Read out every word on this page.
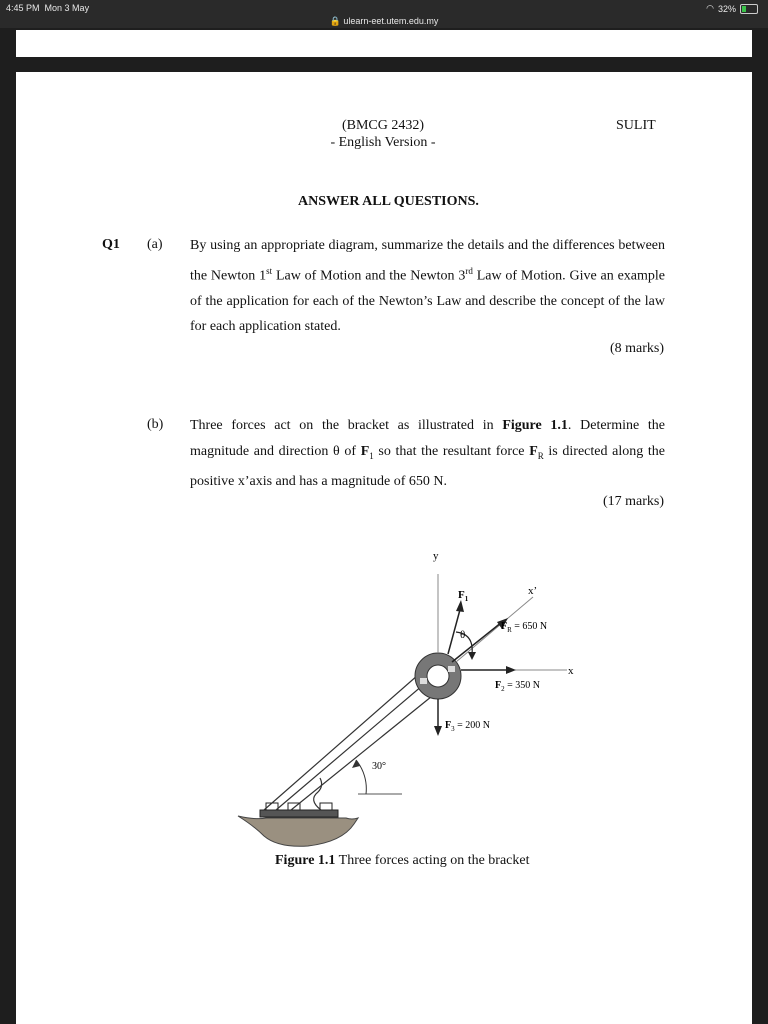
4:45 PM Mon 3 May	◠ 32%
🔒 ulearn-eet.utem.edu.my
(BMCG 2432)
- English Version -
SULIT
ANSWER ALL QUESTIONS.
Q1 (a) By using an appropriate diagram, summarize the details and the differences between the Newton 1st Law of Motion and the Newton 3rd Law of Motion. Give an example of the application for each of the Newton’s Law and describe the concept of the law for each application stated.
(8 marks)
(b) Three forces act on the bracket as illustrated in Figure 1.1. Determine the magnitude and direction θ of $F_1$ so that the resultant force $F_R$ is directed along the positive x’axis and has a magnitude of 650 N.
(17 marks)
y
x
x’
$F_1$
θ
$F_R = 650$ N
$F_2 = 350$ N
$F_3 = 200$ N
30°
Figure 1.1 Three forces acting on the bracket
